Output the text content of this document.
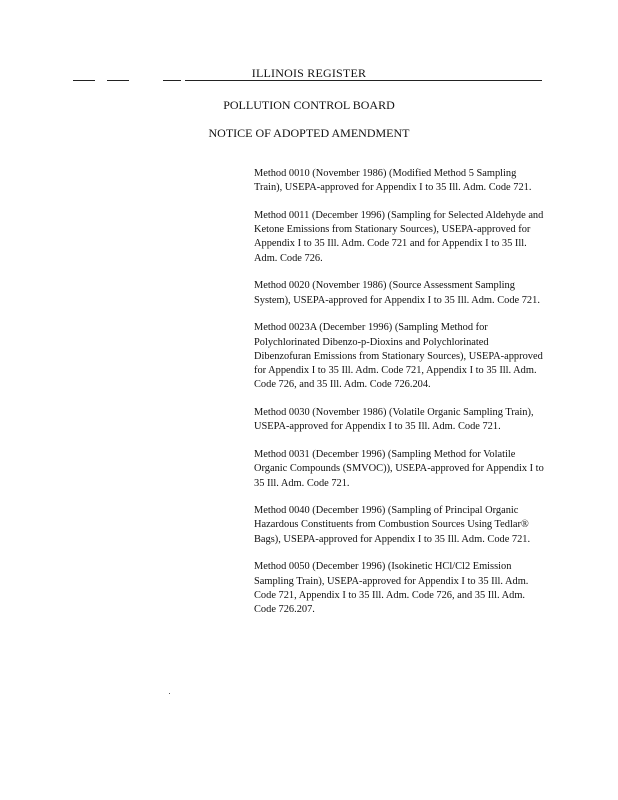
ILLINOIS REGISTER
POLLUTION CONTROL BOARD
NOTICE OF ADOPTED AMENDMENT

Method 0010 (November 1986) (Modified Method 5 Sampling Train), USEPA-approved for Appendix I to 35 Ill. Adm. Code 721.

Method 0011 (December 1996) (Sampling for Selected Aldehyde and Ketone Emissions from Stationary Sources), USEPA-approved for Appendix I to 35 Ill. Adm. Code 721 and for Appendix I to 35 Ill. Adm. Code 726.

Method 0020 (November 1986) (Source Assessment Sampling System), USEPA-approved for Appendix I to 35 Ill. Adm. Code 721.

Method 0023A (December 1996) (Sampling Method for Polychlorinated Dibenzo-p-Dioxins and Polychlorinated Dibenzofuran Emissions from Stationary Sources), USEPA-approved for Appendix I to 35 Ill. Adm. Code 721, Appendix I to 35 Ill. Adm. Code 726, and 35 Ill. Adm. Code 726.204.

Method 0030 (November 1986) (Volatile Organic Sampling Train), USEPA-approved for Appendix I to 35 Ill. Adm. Code 721.

Method 0031 (December 1996) (Sampling Method for Volatile Organic Compounds (SMVOC)), USEPA-approved for Appendix I to 35 Ill. Adm. Code 721.

Method 0040 (December 1996) (Sampling of Principal Organic Hazardous Constituents from Combustion Sources Using Tedlar® Bags), USEPA-approved for Appendix I to 35 Ill. Adm. Code 721.

Method 0050 (December 1996) (Isokinetic HCl/Cl2 Emission Sampling Train), USEPA-approved for Appendix I to 35 Ill. Adm. Code 721, Appendix I to 35 Ill. Adm. Code 726, and 35 Ill. Adm. Code 726.207.
